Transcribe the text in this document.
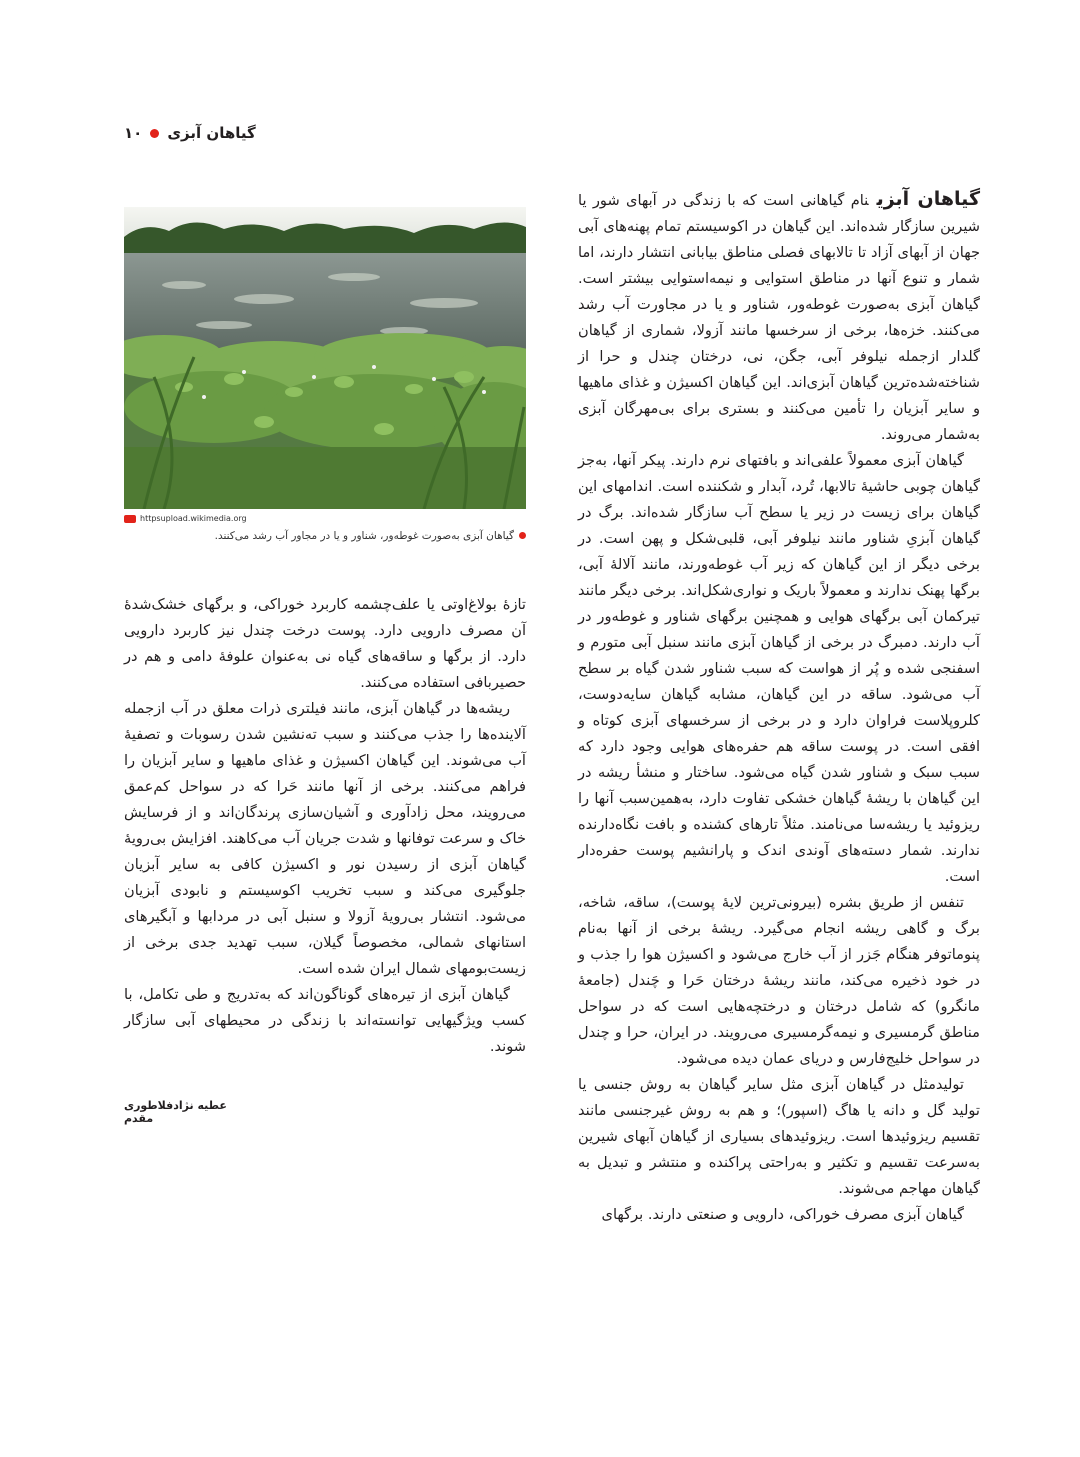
۱۰ گیاهان آبزی

گیاهان آبزینام گیاهانی است که با زندگی در آبهای شور یا شیرین سازگار شده‌اند. این گیاهان در اکوسیستم تمام پهنه‌های آبی جهان از آبهای آزاد تا تالابهای فصلی مناطق بیابانی انتشار دارند، اما شمار و تنوع آنها در مناطق استوایی و نیمه‌استوایی بیشتر است. گیاهان آبزی به‌صورت غوطه‌ور، شناور و یا در مجاورت آب رشد می‌کنند. خزه‌ها، برخی از سرخسها مانند آزولا، شماری از گیاهان گلدار ازجمله نیلوفر آبی، جگن، نی، درختان چندل و حرا از شناخته‌شده‌ترین گیاهان آبزی‌اند. این گیاهان اکسیژن و غذای ماهیها و سایر آبزیان را تأمین می‌کنند و بستری برای بی‌مهرگان آبزی به‌شمار می‌روند.

گیاهان آبزی معمولاً علفی‌اند و بافتهای نرم دارند. پیکر آنها، به‌جز گیاهان چوبی حاشیهٔ تالابها، تُرد، آبدار و شکننده است. اندامهای این گیاهان برای زیست در زیر یا سطح آب سازگار شده‌اند. برگ در گیاهان آبزیِ شناور مانند نیلوفر آبی، قلبی‌شکل و پهن است. در برخی دیگر از این گیاهان که زیر آب غوطه‌ورند، مانند آلالهٔ آبی، برگها پهنک ندارند و معمولاً باریک و نواری‌شکل‌اند. برخی دیگر مانند تیرکمان آبی برگهای هوایی و همچنین برگهای شناور و غوطه‌ور در آب دارند. دمبرگ در برخی از گیاهان آبزی مانند سنبل آبی متورم و اسفنجی شده و پُر از هواست که سبب شناور شدن گیاه بر سطح آب می‌شود. ساقه در این گیاهان، مشابه گیاهان سایه‌دوست، کلروپلاست فراوان دارد و در برخی از سرخسهای آبزی کوتاه و افقی است. در پوست ساقه هم حفره‌های هوایی وجود دارد که سبب سبک و شناور شدن گیاه می‌شود. ساختار و منشأ ریشه در این گیاهان با ریشهٔ گیاهان خشکی تفاوت دارد، به‌همین‌سبب آنها را ریزوئید یا ریشه‌سا می‌نامند. مثلاً تارهای کشنده و بافت نگاه‌دارنده ندارند. شمار دسته‌های آوندی اندک و پارانشیم پوست حفره‌دار است.

تنفس از طریق بشره (بیرونی‌ترین لایهٔ پوست)، ساقه، شاخه، برگ و گاهی ریشه انجام می‌گیرد. ریشهٔ برخی از آنها به‌نام پنوماتوفر هنگام جَزر از آب خارج می‌شود و اکسیژن هوا را جذب و در خود ذخیره می‌کند، مانند ریشهٔ درختان حَرا و چَندل (جامعهٔ مانگرو) که شامل درختان و درختچه‌هایی است که در سواحل مناطق گرمسیری و نیمه‌گرمسیری می‌رویند. در ایران، حرا و چندل در سواحل خلیج‌فارس و دریای عمان دیده می‌شود.

تولیدمثل در گیاهان آبزی مثل سایر گیاهان به روش جنسی یا تولید گل و دانه یا هاگ (اسپور)؛ و هم به روش غیرجنسی مانند تقسیم ریزوئیدها است. ریزوئیدهای بسیاری از گیاهان آبهای شیرین به‌سرعت تقسیم و تکثیر و به‌راحتی پراکنده و منتشر و تبدیل به گیاهان مهاجم می‌شوند.

گیاهان آبزی مصرف خوراکی، دارویی و صنعتی دارند. برگهای

httpsupload.wikimedia.org
گیاهان آبزی به‌صورت غوطه‌ور، شناور و یا در مجاور آب رشد می‌کنند.

تازهٔ بولاغ‌اوتی یا علف‌چشمه کاربرد خوراکی، و برگهای خشک‌شدهٔ آن مصرف دارویی دارد. پوست درخت چندل نیز کاربرد دارویی دارد. از برگها و ساقه‌های گیاه نی به‌عنوان علوفهٔ دامی و هم در حصیربافی استفاده می‌کنند.

ریشه‌ها در گیاهان آبزی، مانند فیلتری ذرات معلق در آب ازجمله آلاینده‌ها را جذب می‌کنند و سبب ته‌نشین شدن رسوبات و تصفیهٔ آب می‌شوند. این گیاهان اکسیژن و غذای ماهیها و سایر آبزیان را فراهم می‌کنند. برخی از آنها مانند حَرا که در سواحل کم‌عمق می‌رویند، محل زادآوری و آشیان‌سازی پرندگان‌اند و از فرسایش خاک و سرعت توفانها و شدت جریان آب می‌کاهند. افزایش بی‌رویهٔ گیاهان آبزی از رسیدن نور و اکسیژن کافی به سایر آبزیان جلوگیری می‌کند و سبب تخریب اکوسیستم و نابودی آبزیان می‌شود. انتشار بی‌رویهٔ آزولا و سنبل آبی در مردابها و آبگیرهای استانهای شمالی، مخصوصاً گیلان، سبب تهدید جدی برخی از زیست‌بومهای شمال ایران شده است.

گیاهان آبزی از تیره‌های گوناگون‌اند که به‌تدریج و طی تکامل، با کسب ویژگیهایی توانسته‌اند با زندگی در محیطهای آبی سازگار شوند.

عطیه نژادفلاطوری مقدم
